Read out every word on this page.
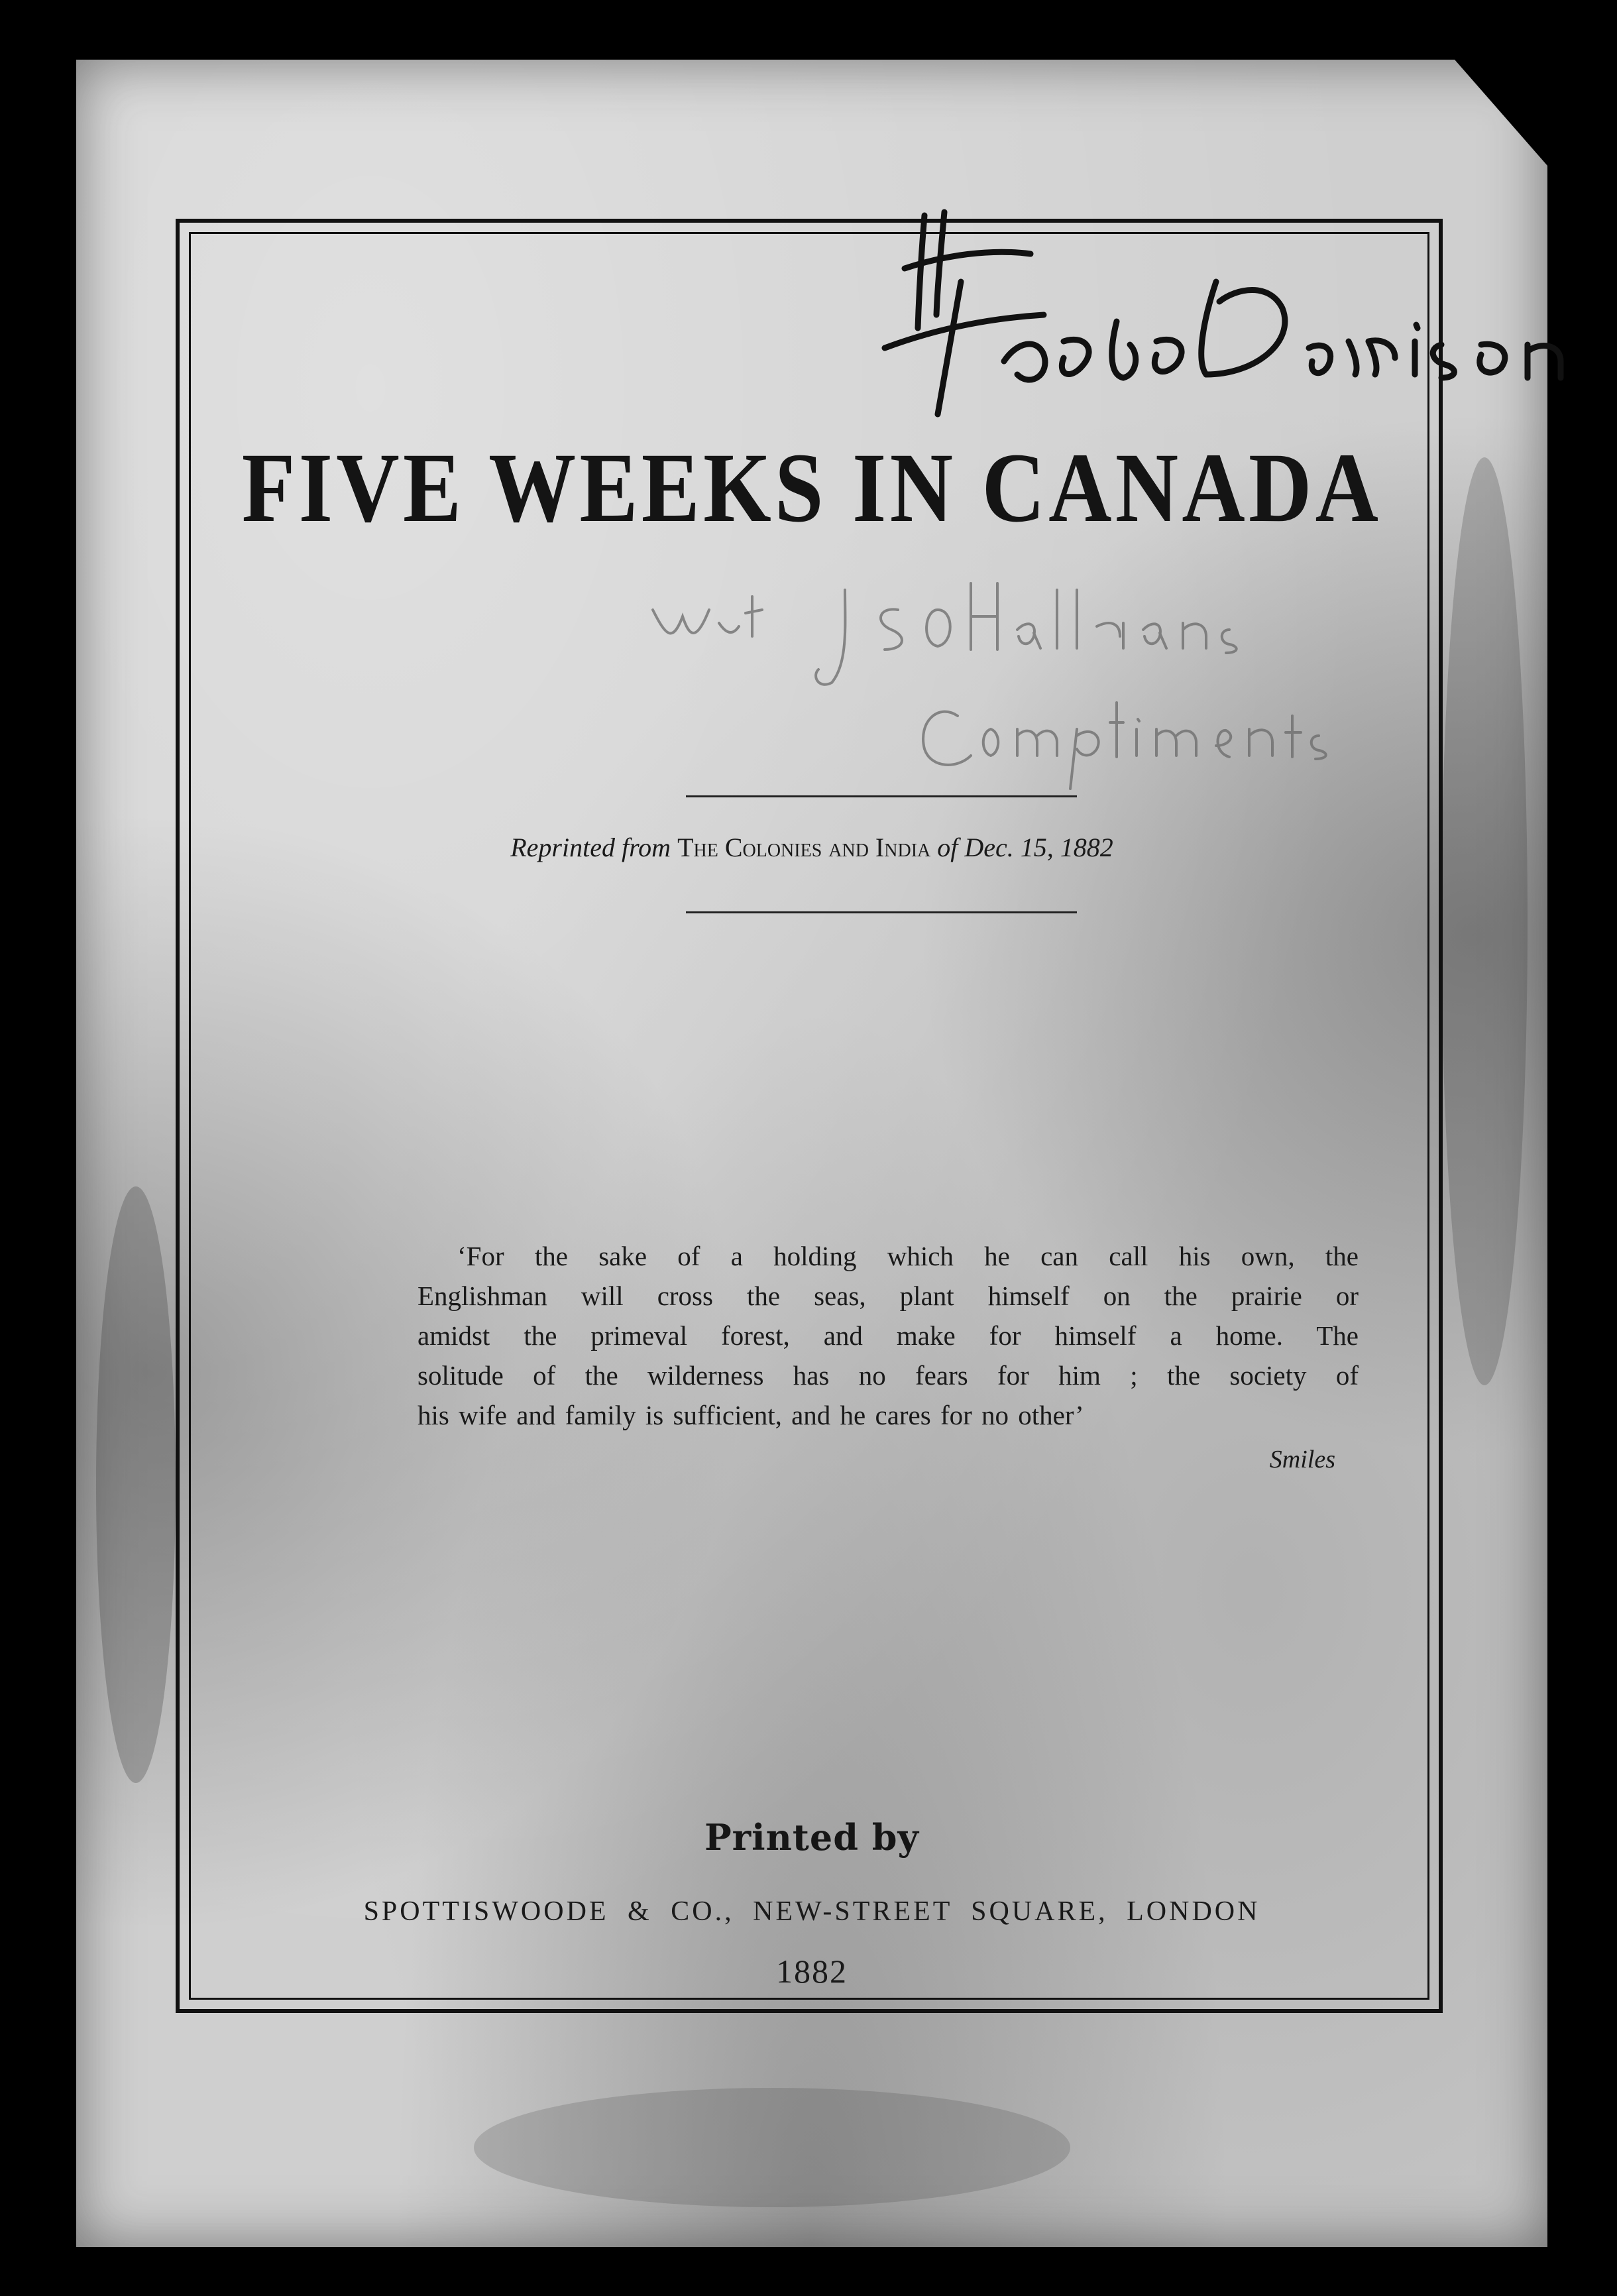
FIVE WEEKS IN CANADA
Reprinted from The Colonies and India of Dec. 15, 1882
‘For the sake of a holding which he can call his own, the
Englishman will cross the seas, plant himself on the prairie or
amidst the primeval forest, and make for himself a home. The
solitude of the wilderness has no fears for him ; the society of
his wife and family is sufficient, and he cares for no other’
Smiles
Printed by
SPOTTISWOODE & CO., NEW-STREET SQUARE, LONDON
1882
